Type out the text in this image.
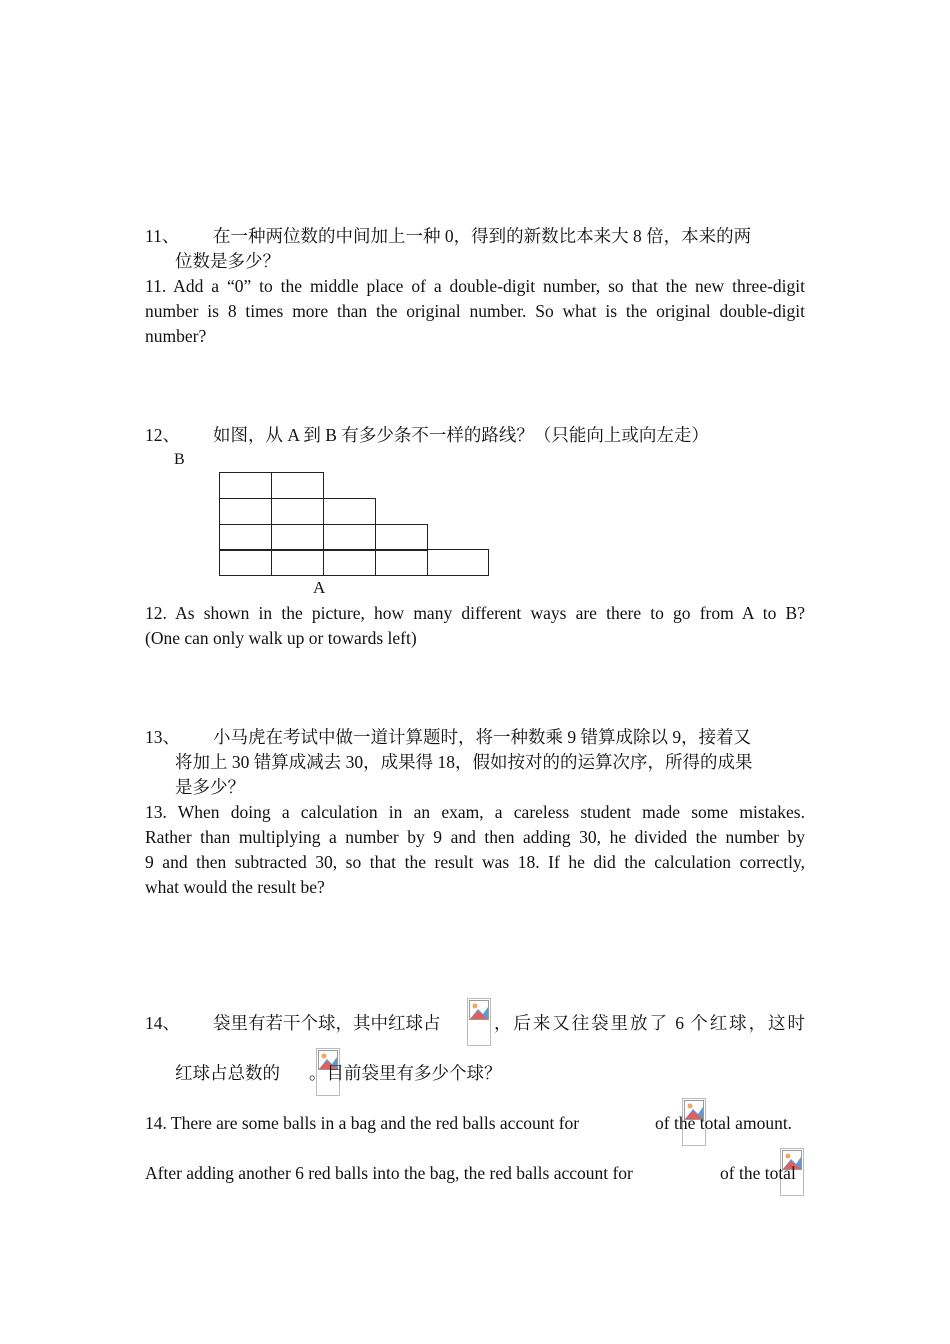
11、 在一种两位数的中间加上一种 0，得到的新数比本来大 8 倍，本来的两
位数是多少？
11. Add a “0” to the middle place of a double-digit number, so that the new three-digit
number is 8 times more than the original number. So what is the original double-digit
number?
12、 如图，从 A 到 B 有多少条不一样的路线？（只能向上或向左走）
B
A
12. As shown in the picture, how many different ways are there to go from A to B?
(One can only walk up or towards left)
13、 小马虎在考试中做一道计算题时，将一种数乘 9 错算成除以 9，接着又
将加上 30 错算成减去 30，成果得 18，假如按对的的运算次序，所得的成果
是多少？
13. When doing a calculation in an exam, a careless student made some mistakes.
Rather than multiplying a number by 9 and then adding 30, he divided the number by
9 and then subtracted 30, so that the result was 18. If he did the calculation correctly,
what would the result be?
14、 袋里有若干个球，其中红球占
	，后来又往袋里放了 6 个红球，这时
红球占总数的
。目前袋里有多少个球？
14. There are some balls in a bag and the red balls account for
	of the total amount.
After adding another 6 red balls into the bag, the red balls account for	of the total
